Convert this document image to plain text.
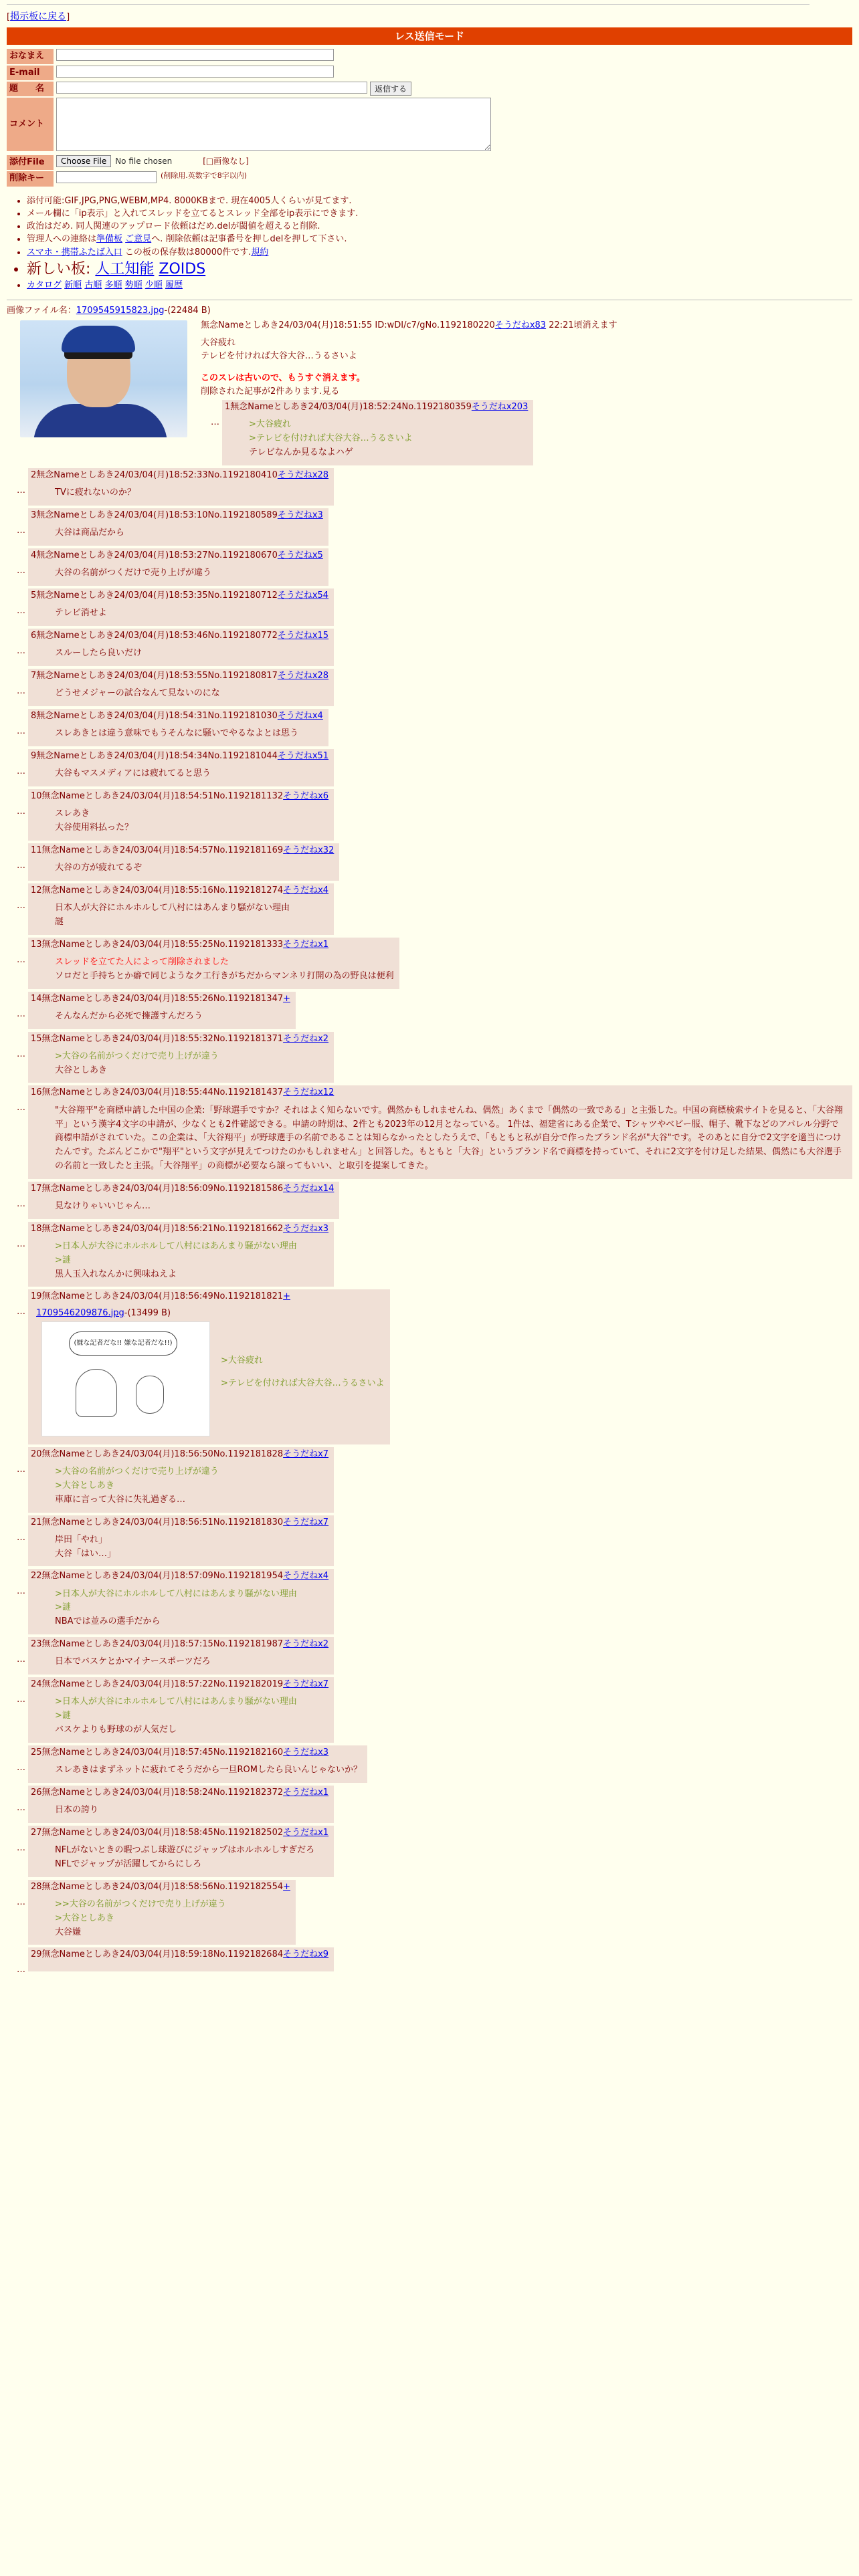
[掲示板に戻る]
レス送信モード
おなまえ
E-mail
題　　名	返信する
コメント
添付File	Choose File	No file chosen	[□画像なし]
削除キー	(削除用.英数字で8字以内)
• 添付可能:GIF,JPG,PNG,WEBM,MP4. 8000KBまで. 現在4005人くらいが見てます.
• メール欄に「ip表示」と入れてスレッドを立てるとスレッド全部をip表示にできます.
• 政治はだめ. 同人関連のアップロード依頼はだめ.delが閾値を超えると削除.
• 管理人への連絡は準備板 ご意見へ. 削除依頼は記事番号を押しdelを押して下さい.
• スマホ・携帯ふたば入口 この板の保存数は80000件です.規約
• 新しい板: 人工知能 ZOIDS
• カタログ 新順 古順 多順 勢順 少順 履歴
画像ファイル名：1709545915823.jpg-(22484 B)
無念Nameとしあき24/03/04(月)18:51:55 ID:wDI/c7/gNo.1192180220そうだねx83 22:21頃消えます

大谷疲れ

テレビを付ければ大谷大谷…うるさいよ

このスレは古いので、もうすぐ消えます。

削除された記事が2件あります.見る

…
1無念Nameとしあき24/03/04(月)18:52:24No.1192180359そうだねx203

>大谷疲れ

>テレビを付ければ大谷大谷…うるさいよ

テレビなんか見るなよハゲ

…
2無念Nameとしあき24/03/04(月)18:52:33No.1192180410そうだねx28

TVに疲れないのか？

…
3無念Nameとしあき24/03/04(月)18:53:10No.1192180589そうだねx3

大谷は商品だから

…
4無念Nameとしあき24/03/04(月)18:53:27No.1192180670そうだねx5

大谷の名前がつくだけで売り上げが違う

…
5無念Nameとしあき24/03/04(月)18:53:35No.1192180712そうだねx54

テレビ消せよ

…
6無念Nameとしあき24/03/04(月)18:53:46No.1192180772そうだねx15

スルーしたら良いだけ

…
7無念Nameとしあき24/03/04(月)18:53:55No.1192180817そうだねx28

どうせメジャーの試合なんて見ないのにな

…
8無念Nameとしあき24/03/04(月)18:54:31No.1192181030そうだねx4

スレあきとは違う意味でもうそんなに騒いでやるなよとは思う

…
9無念Nameとしあき24/03/04(月)18:54:34No.1192181044そうだねx51

大谷もマスメディアには疲れてると思う

…
10無念Nameとしあき24/03/04(月)18:54:51No.1192181132そうだねx6

スレあき

大谷使用料払った？

…
11無念Nameとしあき24/03/04(月)18:54:57No.1192181169そうだねx32

大谷の方が疲れてるぞ

…
12無念Nameとしあき24/03/04(月)18:55:16No.1192181274そうだねx4

日本人が大谷にホルホルして八村にはあんまり騒がない理由

謎

…
13無念Nameとしあき24/03/04(月)18:55:25No.1192181333そうだねx1

スレッドを立てた人によって削除されました

ソロだと手持ちとか癖で同じようなク工行きがちだからマンネリ打開の為の野良は便利

…
14無念Nameとしあき24/03/04(月)18:55:26No.1192181347+

そんなんだから必死で擁護すんだろう

…
15無念Nameとしあき24/03/04(月)18:55:32No.1192181371そうだねx2

>大谷の名前がつくだけで売り上げが違う

大谷としあき

…
16無念Nameとしあき24/03/04(月)18:55:44No.1192181437そうだねx12

"大谷翔平"を商標申請した中国の企業:「野球選手ですか？それはよく知らないです。偶然かもしれませんね、偶然」あくまで「偶然の一致である」と主張した。中国の商標検索サイトを見ると、「大谷翔平」という漢字4文字の申請が、少なくとも2件確認できる。申請の時期は、2件とも2023年の12月となっている。 1件は、福建省にある企業で、Tシャツやベビー服、帽子、靴下などのアパレル分野で商標申請がされていた。この企業は、「大谷翔平」が野球選手の名前であることは知らなかったとしたうえで、「もともと私が自分で作ったブランド名が"大谷"です。そのあとに自分で2文字を適当につけたんです。たぶんどこかで"翔平"という文字が見えてつけたのかもしれません」と回答した。もともと「大谷」というブランド名で商標を持っていて、それに2文字を付け足した結果、偶然にも大谷選手の名前と一致したと主張。「大谷翔平」の商標が必要なら譲ってもいい、と取引を提案してきた。

…
17無念Nameとしあき24/03/04(月)18:56:09No.1192181586そうだねx14

見なけりゃいいじゃん…

…
18無念Nameとしあき24/03/04(月)18:56:21No.1192181662そうだねx3

>日本人が大谷にホルホルして八村にはあんまり騒がない理由

>謎

黒人玉入れなんかに興味ねえよ

…
19無念Nameとしあき24/03/04(月)18:56:49No.1192181821+
1709546209876.jpg-(13499 B)
(嫌な記者だな!! 嫌な記者だな!!)

>大谷疲れ

>テレビを付ければ大谷大谷…うるさいよ

…
20無念Nameとしあき24/03/04(月)18:56:50No.1192181828そうだねx7

>大谷の名前がつくだけで売り上げが違う

>大谷としあき

車庫に言って大谷に失礼過ぎる…

…
21無念Nameとしあき24/03/04(月)18:56:51No.1192181830そうだねx7

岸田「やれ」

大谷「はい…」

…
22無念Nameとしあき24/03/04(月)18:57:09No.1192181954そうだねx4

>日本人が大谷にホルホルして八村にはあんまり騒がない理由

>謎

NBAでは並みの選手だから

…
23無念Nameとしあき24/03/04(月)18:57:15No.1192181987そうだねx2

日本でバスケとかマイナースポーツだろ

…
24無念Nameとしあき24/03/04(月)18:57:22No.1192182019そうだねx7

>日本人が大谷にホルホルして八村にはあんまり騒がない理由

>謎

バスケよりも野球のが人気だし

…
25無念Nameとしあき24/03/04(月)18:57:45No.1192182160そうだねx3

スレあきはまずネットに疲れてそうだから一旦ROMしたら良いんじゃないか？

…
26無念Nameとしあき24/03/04(月)18:58:24No.1192182372そうだねx1

日本の誇り

…
27無念Nameとしあき24/03/04(月)18:58:45No.1192182502そうだねx1

NFLがないときの暇つぶし球遊びにジャップはホルホルしすぎだろ

NFLでジャップが活躍してからにしろ

…
28無念Nameとしあき24/03/04(月)18:58:56No.1192182554+

>>大谷の名前がつくだけで売り上げが違う

>大谷としあき

大谷嫌

…
29無念Nameとしあき24/03/04(月)18:59:18No.1192182684そうだねx9
